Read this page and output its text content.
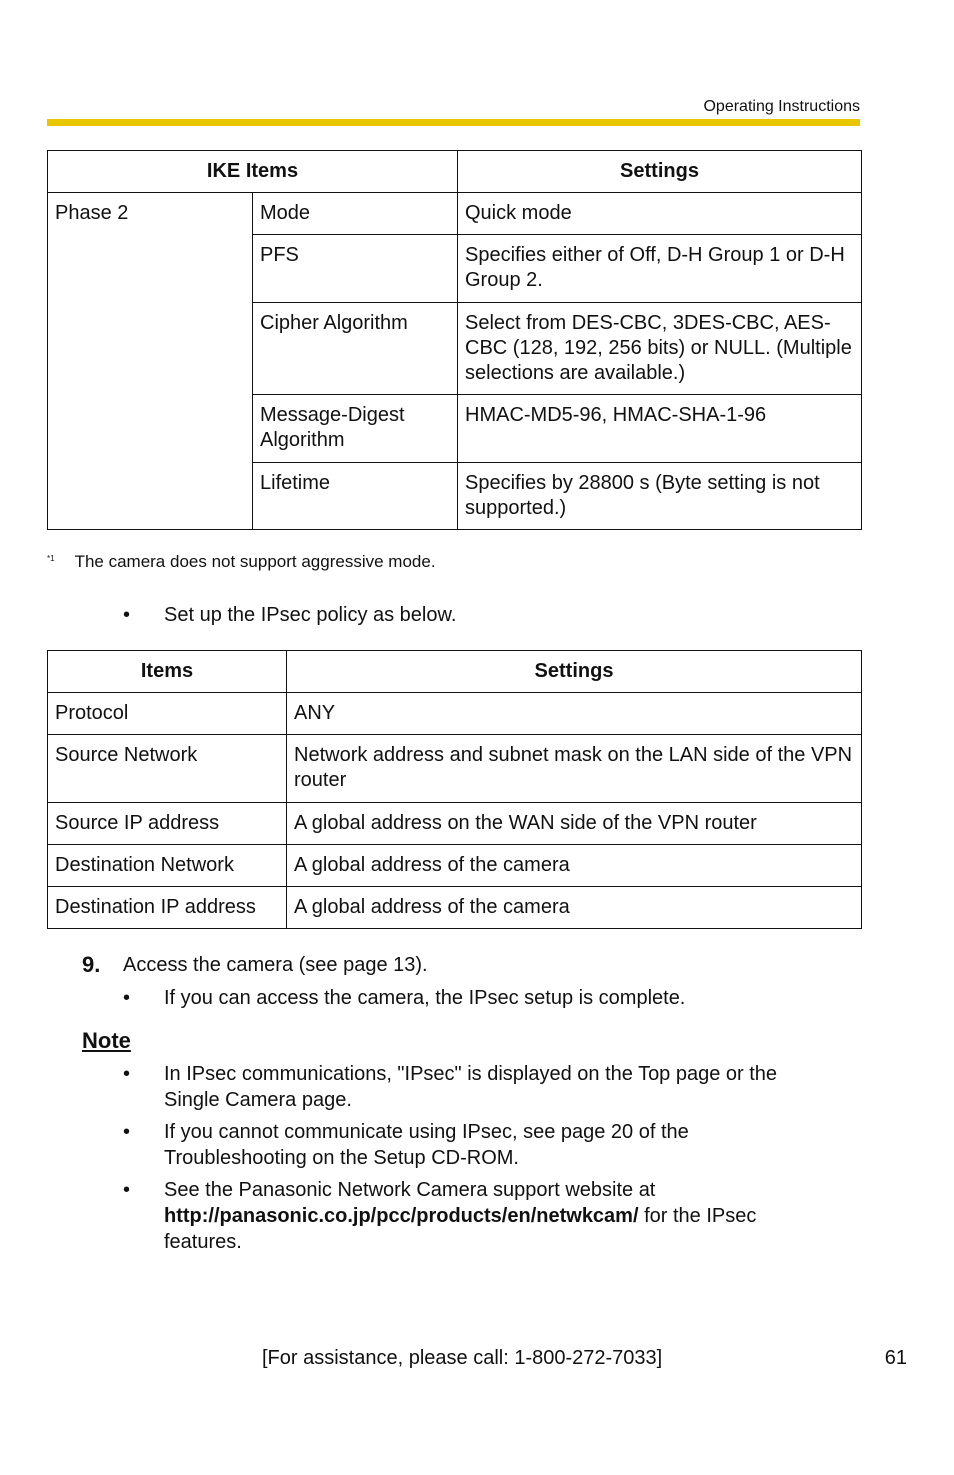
Operating Instructions
IKE Items		Settings
Phase 2	Mode	Quick mode
	PFS	Specifies either of Off, D-H Group 1 or D-H Group 2.
	Cipher Algorithm	Select from DES-CBC, 3DES-CBC, AES-CBC (128, 192, 256 bits) or NULL. (Multiple selections are available.)
	Message-Digest Algorithm	HMAC-MD5-96, HMAC-SHA-1-96
	Lifetime	Specifies by 28800 s (Byte setting is not supported.)
$^{*1}$ The camera does not support aggressive mode.
•	Set up the IPsec policy as below.
Items	Settings
Protocol	ANY
Source Network	Network address and subnet mask on the LAN side of the VPN router
Source IP address	A global address on the WAN side of the VPN router
Destination Network	A global address of the camera
Destination IP address	A global address of the camera
9. Access the camera (see page 13).
•	If you can access the camera, the IPsec setup is complete.
Note
•	In IPsec communications, "IPsec" is displayed on the Top page or the Single Camera page.
•	If you cannot communicate using IPsec, see page 20 of the Troubleshooting on the Setup CD-ROM.
•	See the Panasonic Network Camera support website at http://panasonic.co.jp/pcc/products/en/netwkcam/ for the IPsec features.
[For assistance, please call: 1-800-272-7033]	61
